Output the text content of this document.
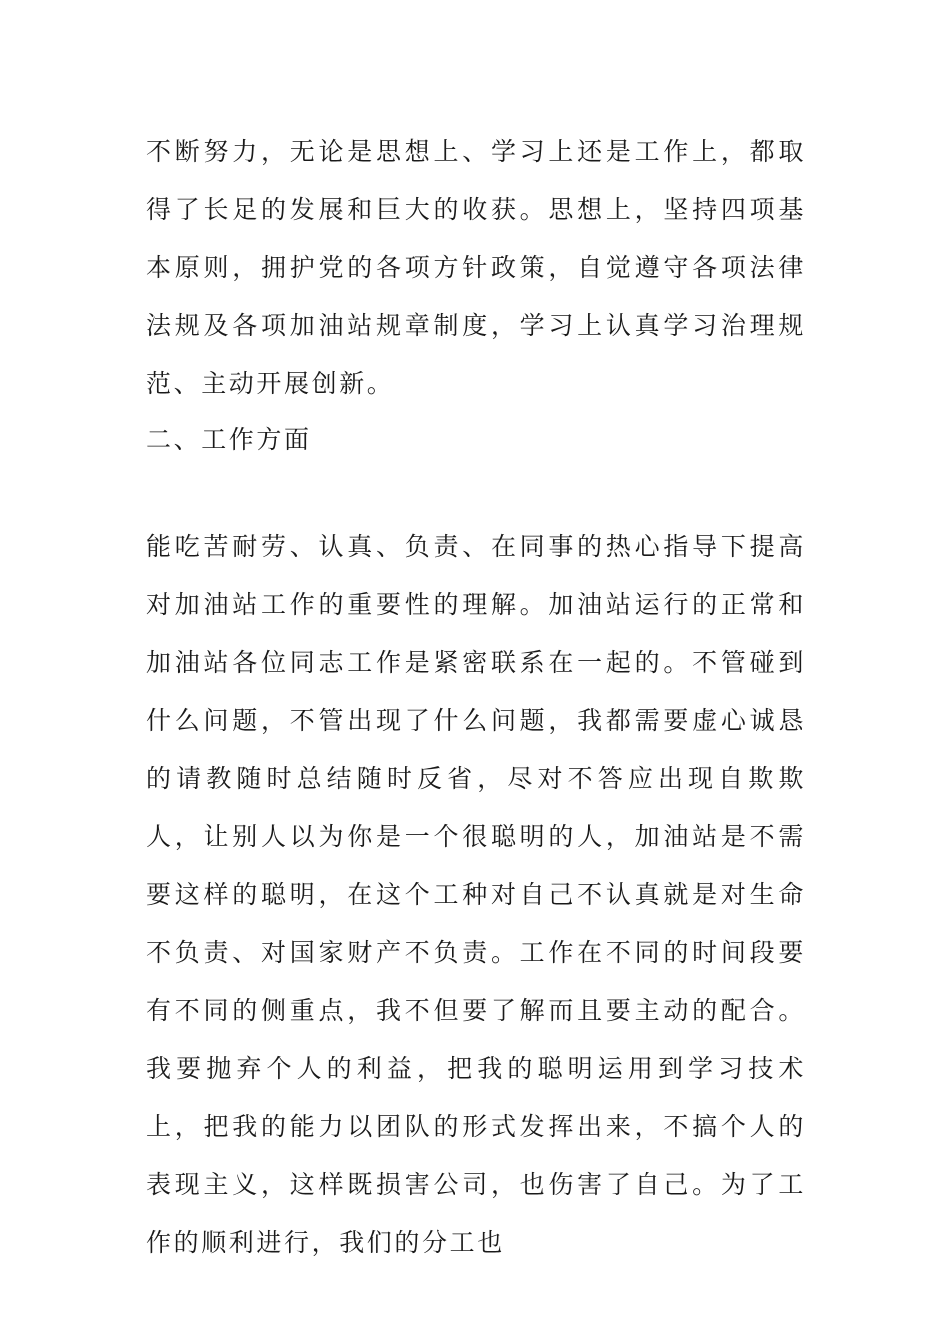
不断努力，无论是思想上、学习上还是工作上，都取得了长足的发展和巨大的收获。思想上，坚持四项基本原则，拥护党的各项方针政策，自觉遵守各项法律法规及各项加油站规章制度，学习上认真学习治理规范、主动开展创新。

二、工作方面

能吃苦耐劳、认真、负责、在同事的热心指导下提高对加油站工作的重要性的理解。加油站运行的正常和加油站各位同志工作是紧密联系在一起的。不管碰到什么问题，不管出现了什么问题，我都需要虚心诚恳的请教随时总结随时反省，尽对不答应出现自欺欺人，让别人以为你是一个很聪明的人，加油站是不需要这样的聪明，在这个工种对自己不认真就是对生命不负责、对国家财产不负责。工作在不同的时间段要有不同的侧重点，我不但要了解而且要主动的配合。我要抛弃个人的利益，把我的聪明运用到学习技术上，把我的能力以团队的形式发挥出来，不搞个人的表现主义，这样既损害公司，也伤害了自己。为了工作的顺利进行，我们的分工也
